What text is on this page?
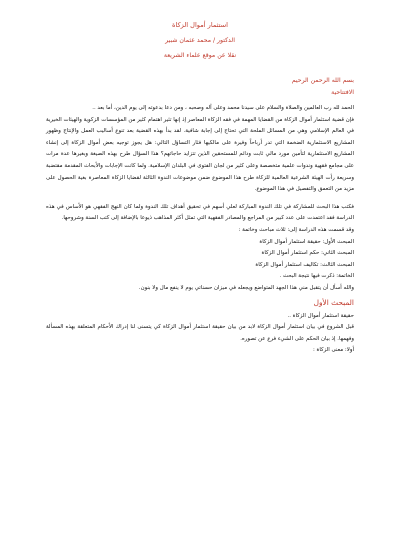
استثمار أموال الزكاة

الدكتور / محمد عثمان شبير

نقلا عن موقع علماء الشريعة

بسم الله الرحمن الرحيم

الافتتاحية

الحمد لله رب العالمين والصلاة والسلام على سيدنا محمد وعلى آله وصحبه ، ومن دعا بدعوته إلى يوم الدين، أما بعد ..

فإن قضية استثمار أموال الزكاة من القضايا المهمة في فقه الزكاة المعاصر إذ إنها تثير اهتمام كثير من المؤسسات الزكوية والهيئات الخيرية في العالم الإسلامي وهي من المسائل الملحة التي تحتاج إلى إجابة شافية. لقد بدأ بهذه القضية بعد تنوع أساليب العمل والإنتاج وظهور المشاريع الاستثمارية الضخمة التي تدر أرباحاً وفيرة على مالكيها فثار التساؤل التالي: هل يجوز توجيه بعض أموال الزكاة إلى إنشاء المشاريع الاستثمارية لتأمين مورد مالي ثابت ودائم للمستحقين الذين تتزايد حاجاتهم؟ هذا السؤال طرح بهذه الصيغة وبغيرها عدة مرات على مجامع فقهية وندوات علمية متخصصة وعلى كثير من لجان الفتوى في البلدان الإسلامية. ولما كانت الإجابات والأبحاث المقدمة مقتضبة وسريعة رأت الهيئة الشرعية العالمية للزكاة طرح هذا الموضوع ضمن موضوعات الندوة الثالثة لقضايا الزكاة المعاصرة بغية الحصول على مزيد من التعمق والتفصيل في هذا الموضوع.

فكتب هذا البحث للمشاركة في تلك الندوة المباركة لعلي أسهم في تحقيق أهداف تلك الندوة ولما كان النهج الفقهي هو الأساس في هذه الدراسة فقد اعتمدت على عدد كبير من المراجع والمصادر الفقهية التي تمثل أكثر المذاهب ذيوعا بالإضافة إلى كتب السنة وشروحها.

وقد قسمت هذه الدراسة إلى: ثلاث مباحث وخاتمة :

المبحث الأول: حقيقة استثمار أموال الزكاة

المبحث الثاني: حكم استثمار أموال الزكاة

المبحث الثالث: تكاليف استثمار أموال الزكاة

الخاتمة: ذكرت فيها نتيجة البحث .

والله أسأل أن يتقبل مني هذا الجهد المتواضع ويجعله في ميزان حسناتي يوم لا ينفع مال ولا بنون.

المبحث الأول

حقيقة استثمار أموال الزكاة ..

قبل الشروع في بيان استثمار أموال الزكاة لابد من بيان حقيقة استثمار أموال الزكاة كي يتسنى لنا إدراك الأحكام المتعلقة بهذه المسألة وفهمها. إذ بيان الحكم على الشيء فرع عن تصوره.

أولا: معنى الزكاة :
